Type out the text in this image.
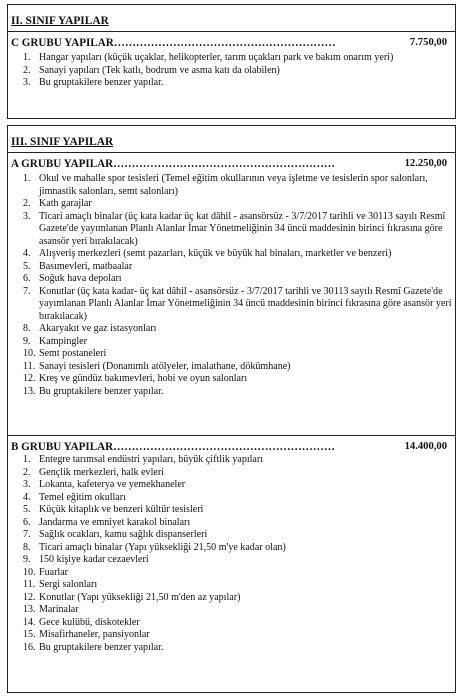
II. SINIF YAPILAR
C GRUBU YAPILAR……………………………………………………	7.750,00
1. Hangar yapıları (küçük uçaklar, helikopterler, tarım uçakları park ve bakım onarım yeri)
2. Sanayi yapıları (Tek katlı, bodrum ve asma katı da olabilen)
3. Bu gruptakilere benzer yapılar.
III. SINIF YAPILAR
A GRUBU YAPILAR……………………………………………………	12.250,00
1. Okul ve mahalle spor tesisleri (Temel eğitim okullarının veya işletme ve tesislerin spor salonları, jimnastik salonları, semt salonları)
2. Kath garajlar
3. Ticari amaçlı binalar (üç kata kadar üç kat dâhil - asansörsüz - 3/7/2017 tarihli ve 30113 sayılı Resmî Gazete'de yayımlanan Planlı Alanlar İmar Yönetmeliğinin 34 üncü maddesinin birinci fıkrasına göre asansör yeri bırakılacak)
4. Alışveriş merkezleri (semt pazarları, küçük ve büyük hal binaları, marketler ve benzeri)
5. Basımevleri, matbaalar
6. Soğuk hava depoları
7. Konutlar (üç kata kadar- üç kat dâhil - asansörsüz - 3/7/2017 tarihli ve 30113 sayılı Resmî Gazete'de yayımlanan Planlı Alanlar İmar Yönetmeliğinin 34 üncü maddesinin birinci fıkrasına göre asansör yeri bırakılacak)
8. Akaryakıt ve gaz istasyonları
9. Kampingler
10. Semt postaneleri
11. Sanayi tesisleri (Donanımlı atölyeler, imalathane, dökümhane)
12. Kreş ve gündüz bakımevleri, hobi ve oyun salonları
13. Bu gruptakilere benzer yapılar.
B GRUBU YAPILAR……………………………………………………	14.400,00
1. Entegre tarımsal endüstri yapıları, büyük çiftlik yapıları
2. Gençlik merkezleri, halk evleri
3. Lokanta, kafeterya ve yemekhaneler
4. Temel eğitim okulları
5. Küçük kitaplık ve benzeri kültür tesisleri
6. Jandarma ve emniyet karakol binaları
7. Sağlık ocakları, kamu sağlık dispanserleri
8. Ticari amaçlı binalar (Yapı yüksekliği 21,50 m'ye kadar olan)
9. 150 kişiye kadar cezaevleri
10. Fuarlar
11. Sergi salonları
12. Konutlar (Yapı yüksekliği 21,50 m'den az yapılar)
13. Marinalar
14. Gece kulübü, diskotekler
15. Misafirhaneler, pansiyonlar
16. Bu gruptakilere benzer yapılar.
